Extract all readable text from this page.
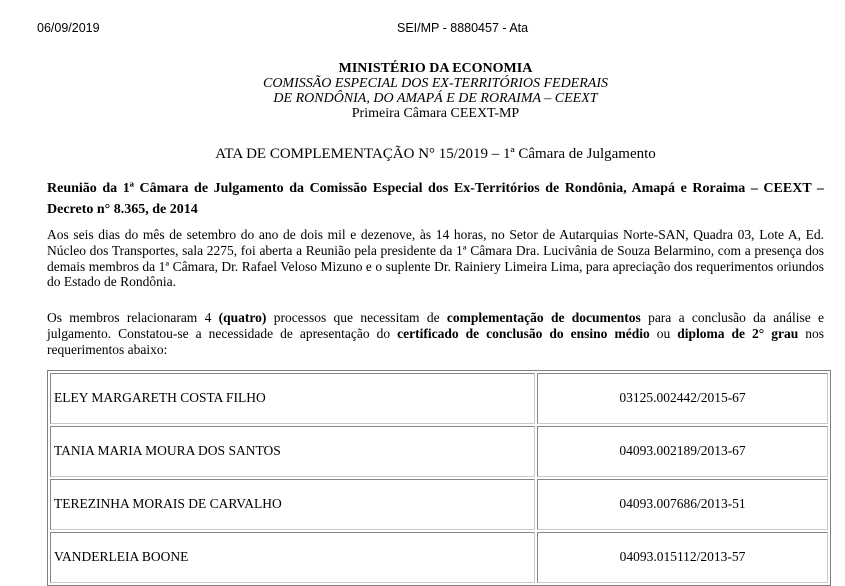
06/09/2019	SEI/MP - 8880457 - Ata
MINISTÉRIO DA ECONOMIA
COMISSÃO ESPECIAL DOS EX-TERRITÓRIOS FEDERAIS
DE RONDÔNIA, DO AMAPÁ E DE RORAIMA – CEEXT
Primeira Câmara CEEXT-MP
ATA DE COMPLEMENTAÇÃO N° 15/2019 – 1ª Câmara de Julgamento
Reunião da 1ª Câmara de Julgamento da Comissão Especial dos Ex-Territórios de Rondônia, Amapá e Roraima – CEEXT – Decreto n° 8.365, de 2014
Aos seis dias do mês de setembro do ano de dois mil e dezenove, às 14 horas, no Setor de Autarquias Norte-SAN, Quadra 03, Lote A, Ed. Núcleo dos Transportes, sala 2275, foi aberta a Reunião pela presidente da 1ª Câmara Dra. Lucivânia de Souza Belarmino, com a presença dos demais membros da 1ª Câmara, Dr. Rafael Veloso Mizuno e o suplente Dr. Rainiery Limeira Lima, para apreciação dos requerimentos oriundos do Estado de Rondônia.
Os membros relacionaram 4 (quatro) processos que necessitam de complementação de documentos para a conclusão da análise e julgamento. Constatou-se a necessidade de apresentação do certificado de conclusão do ensino médio ou diploma de 2° grau nos requerimentos abaixo:
ELEY MARGARETH COSTA FILHO	03125.002442/2015-67
TANIA MARIA MOURA DOS SANTOS	04093.002189/2013-67
TEREZINHA MORAIS DE CARVALHO	04093.007686/2013-51
VANDERLEIA BOONE	04093.015112/2013-57
